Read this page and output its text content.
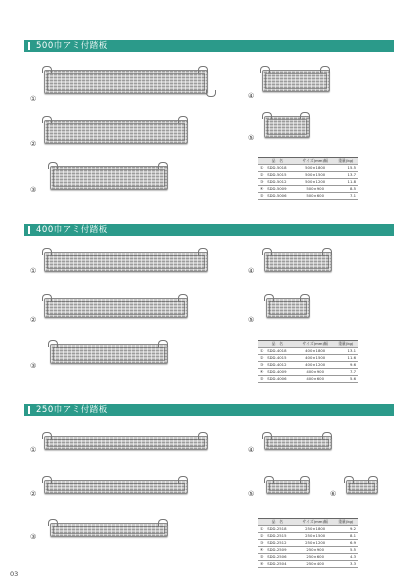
500巾アミ付踏板
①
②
③
④
⑤
品　名	サイズ(mm)幅	重量(kg)
①　SDD-5018	500×1800	15.5
②　SDD-5015	500×1500	13.7
③　SDD-5012	500×1200	11.8
④　SDD-5009	500×900	8.5
⑤　SDD-5006	500×600	7.1
400巾アミ付踏板
①
②
③
④
⑤
品　名	サイズ(mm)幅	重量(kg)
①　SDD-4018	400×1800	13.1
②　SDD-4015	400×1500	11.6
③　SDD-4012	400×1200	9.6
④　SDD-4009	400×900	7.7
⑤　SDD-4006	400×600	5.6
250巾アミ付踏板
①
②
③
④
⑤	⑥
品　名	サイズ(mm)幅	重量(kg)
①　SDD-2518	250×1800	9.2
②　SDD-2515	250×1500	8.1
③　SDD-2512	250×1200	6.9
④　SDD-2509	250×900	5.5
⑤　SDD-2506	250×600	4.3
⑥　SDD-2504	250×400	3.3
03
